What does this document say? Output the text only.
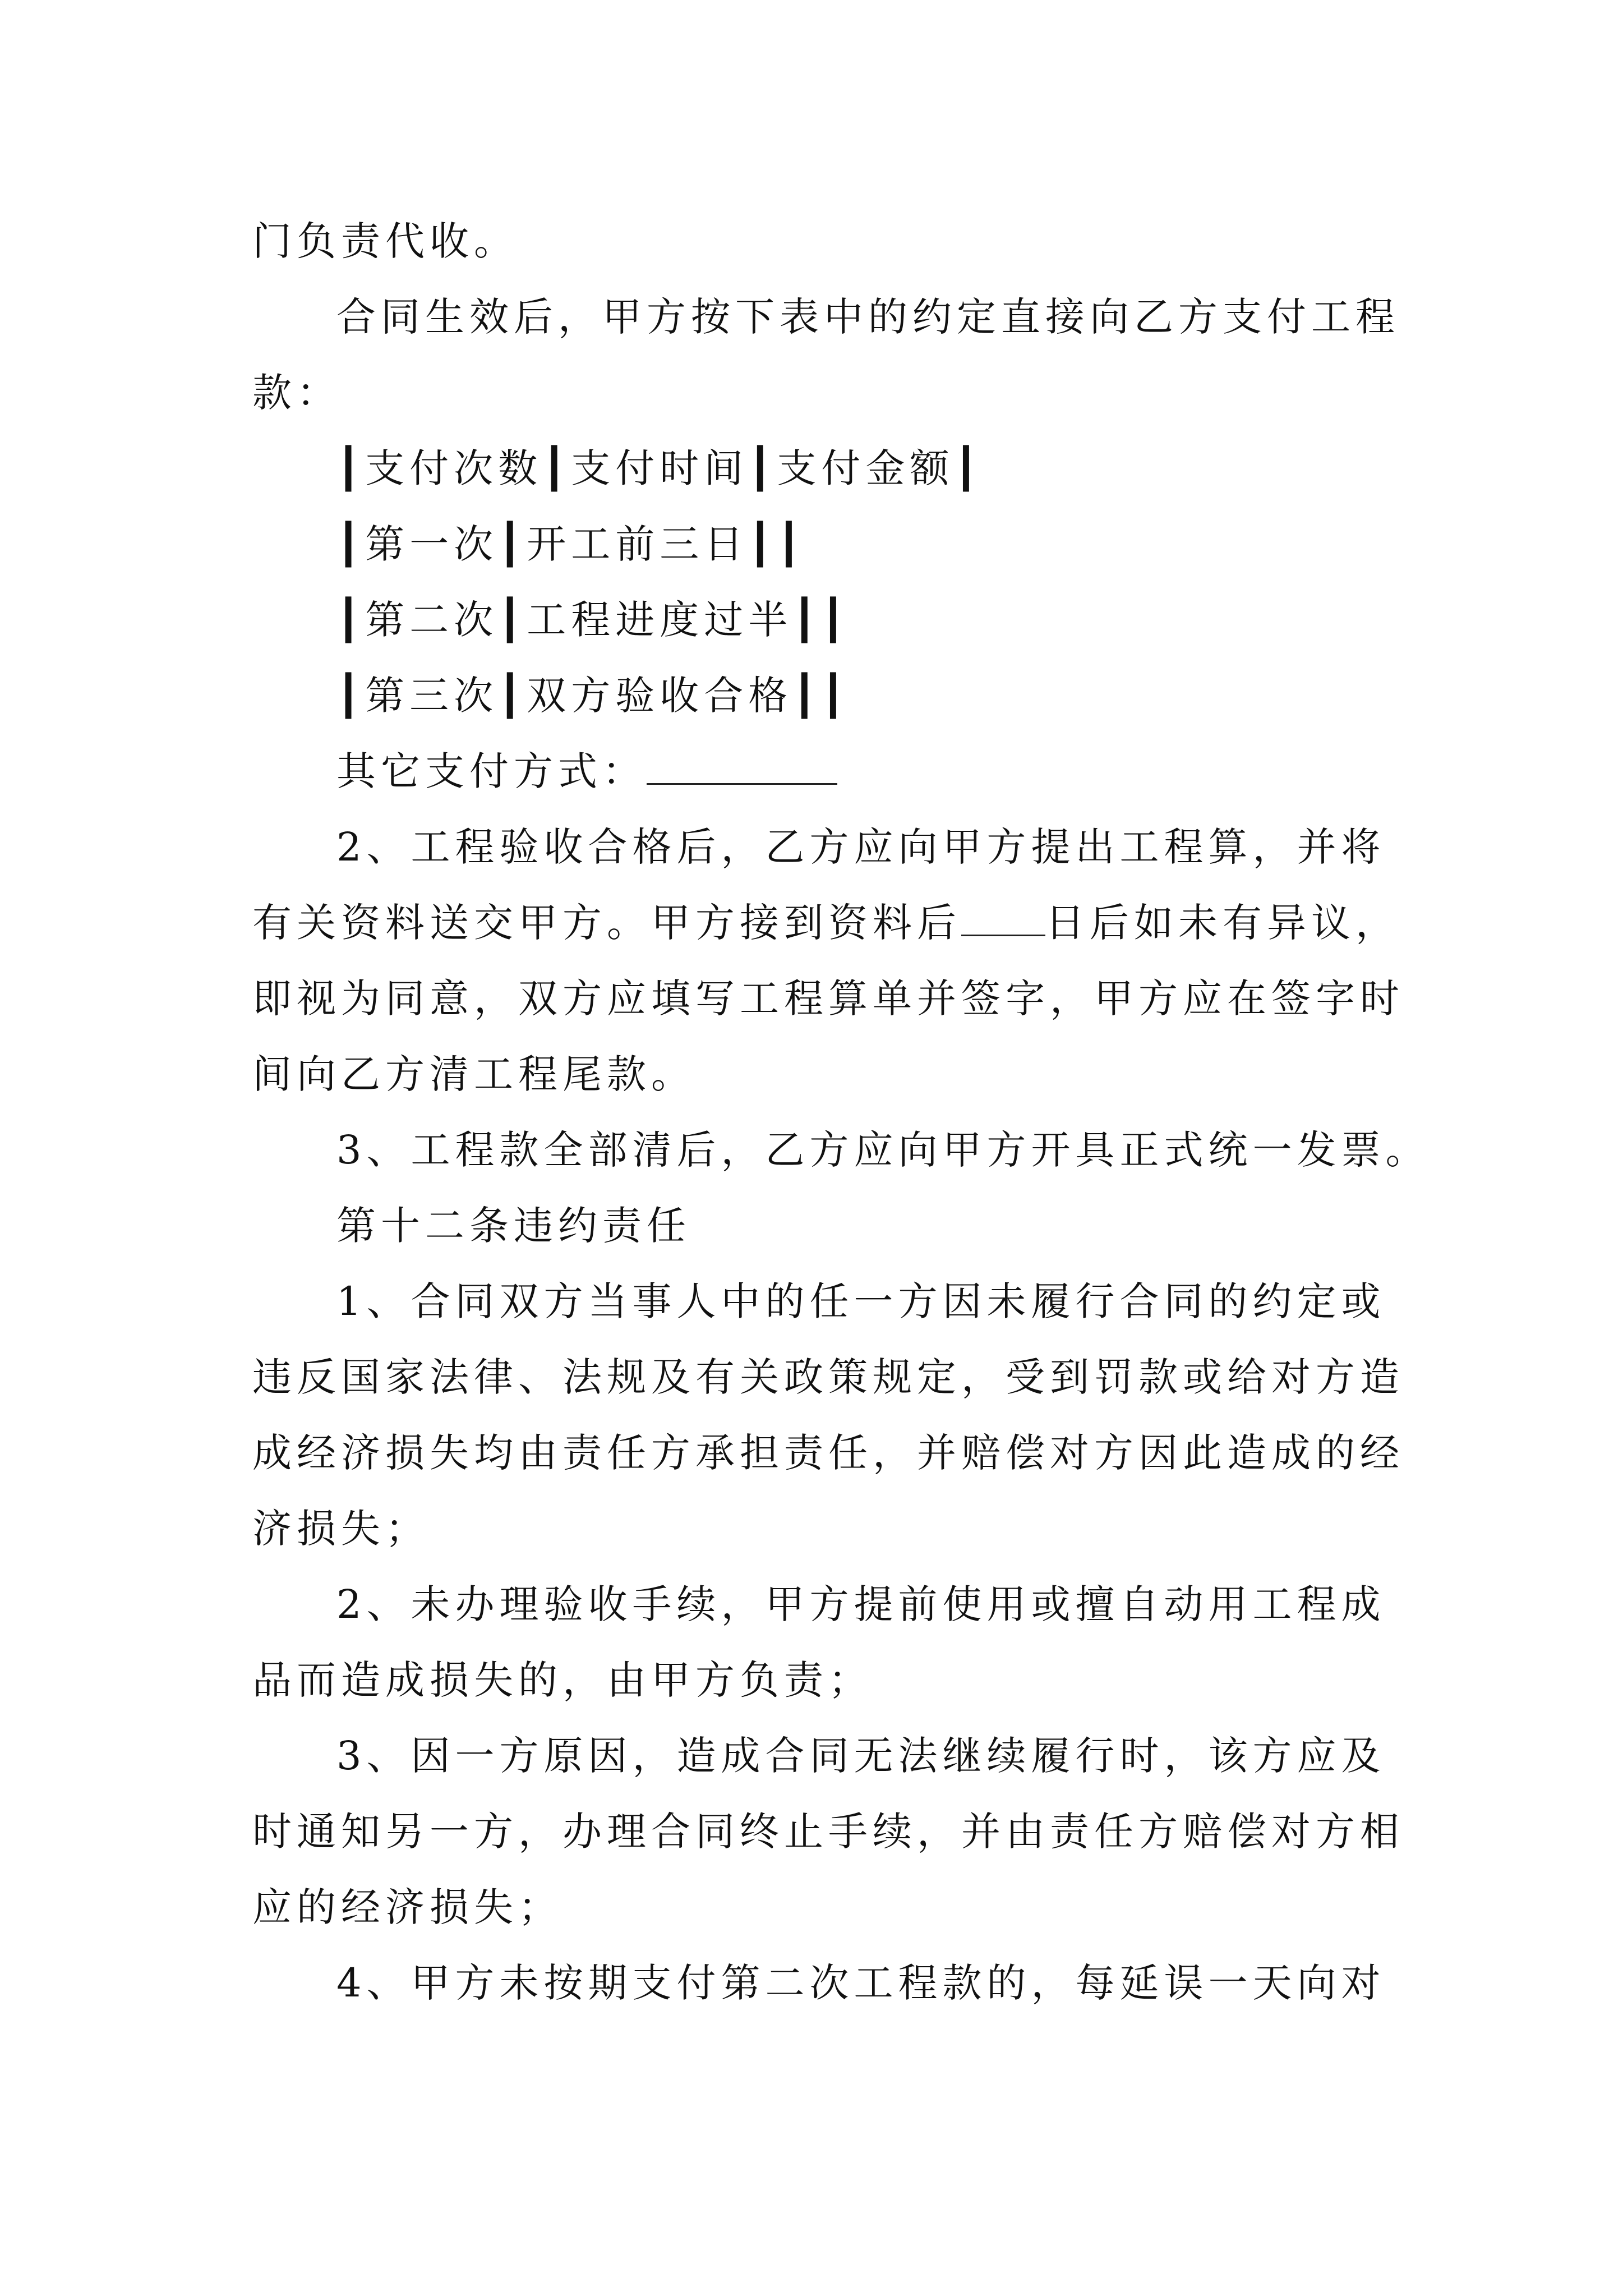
门负责代收。
合同生效后，甲方按下表中的约定直接向乙方支付工程
款：
┃支付次数┃支付时间┃支付金额┃
┃第一次┃开工前三日┃┃
┃第二次┃工程进度过半┃┃
┃第三次┃双方验收合格┃┃
其它支付方式：
2、工程验收合格后，乙方应向甲方提出工程算，并将
有关资料送交甲方。甲方接到资料后 日后如未有异议，
即视为同意，双方应填写工程算单并签字，甲方应在签字时
间向乙方清工程尾款。
3、工程款全部清后，乙方应向甲方开具正式统一发票。
第十二条违约责任
1、合同双方当事人中的任一方因未履行合同的约定或
违反国家法律、法规及有关政策规定，受到罚款或给对方造
成经济损失均由责任方承担责任，并赔偿对方因此造成的经
济损失；
2、未办理验收手续，甲方提前使用或擅自动用工程成
品而造成损失的，由甲方负责；
3、因一方原因，造成合同无法继续履行时，该方应及
时通知另一方，办理合同终止手续，并由责任方赔偿对方相
应的经济损失；
4、甲方未按期支付第二次工程款的，每延误一天向对
